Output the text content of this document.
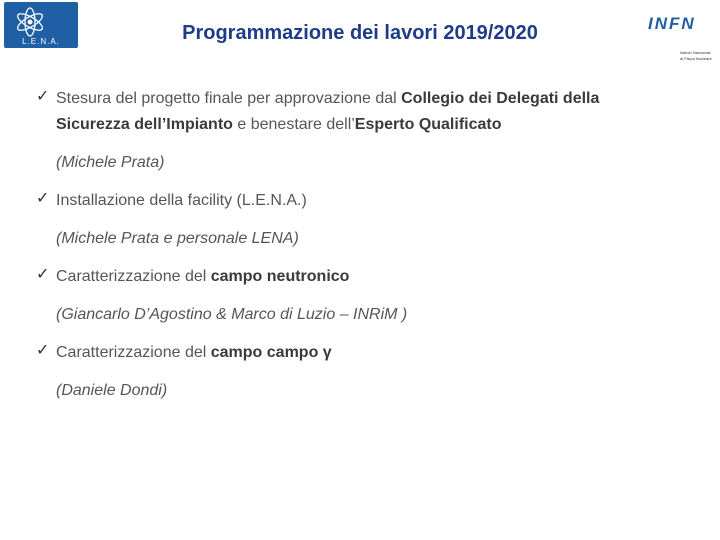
L.E.N.A.	Programmazione dei lavori 2019/2020	INFN
Istituto Nazionale
di Fisica Nucleare
✓ Stesura del progetto finale per approvazione dal Collegio dei Delegati della
Sicurezza dell’Impianto e benestare dell’Esperto Qualificato
(Michele Prata)
✓ Installazione della facility (L.E.N.A.)
(Michele Prata e personale LENA)
✓ Caratterizzazione del campo neutronico
(Giancarlo D’Agostino & Marco di Luzio – INRiM )
✓ Caratterizzazione del campo campo γ
(Daniele Dondi)
